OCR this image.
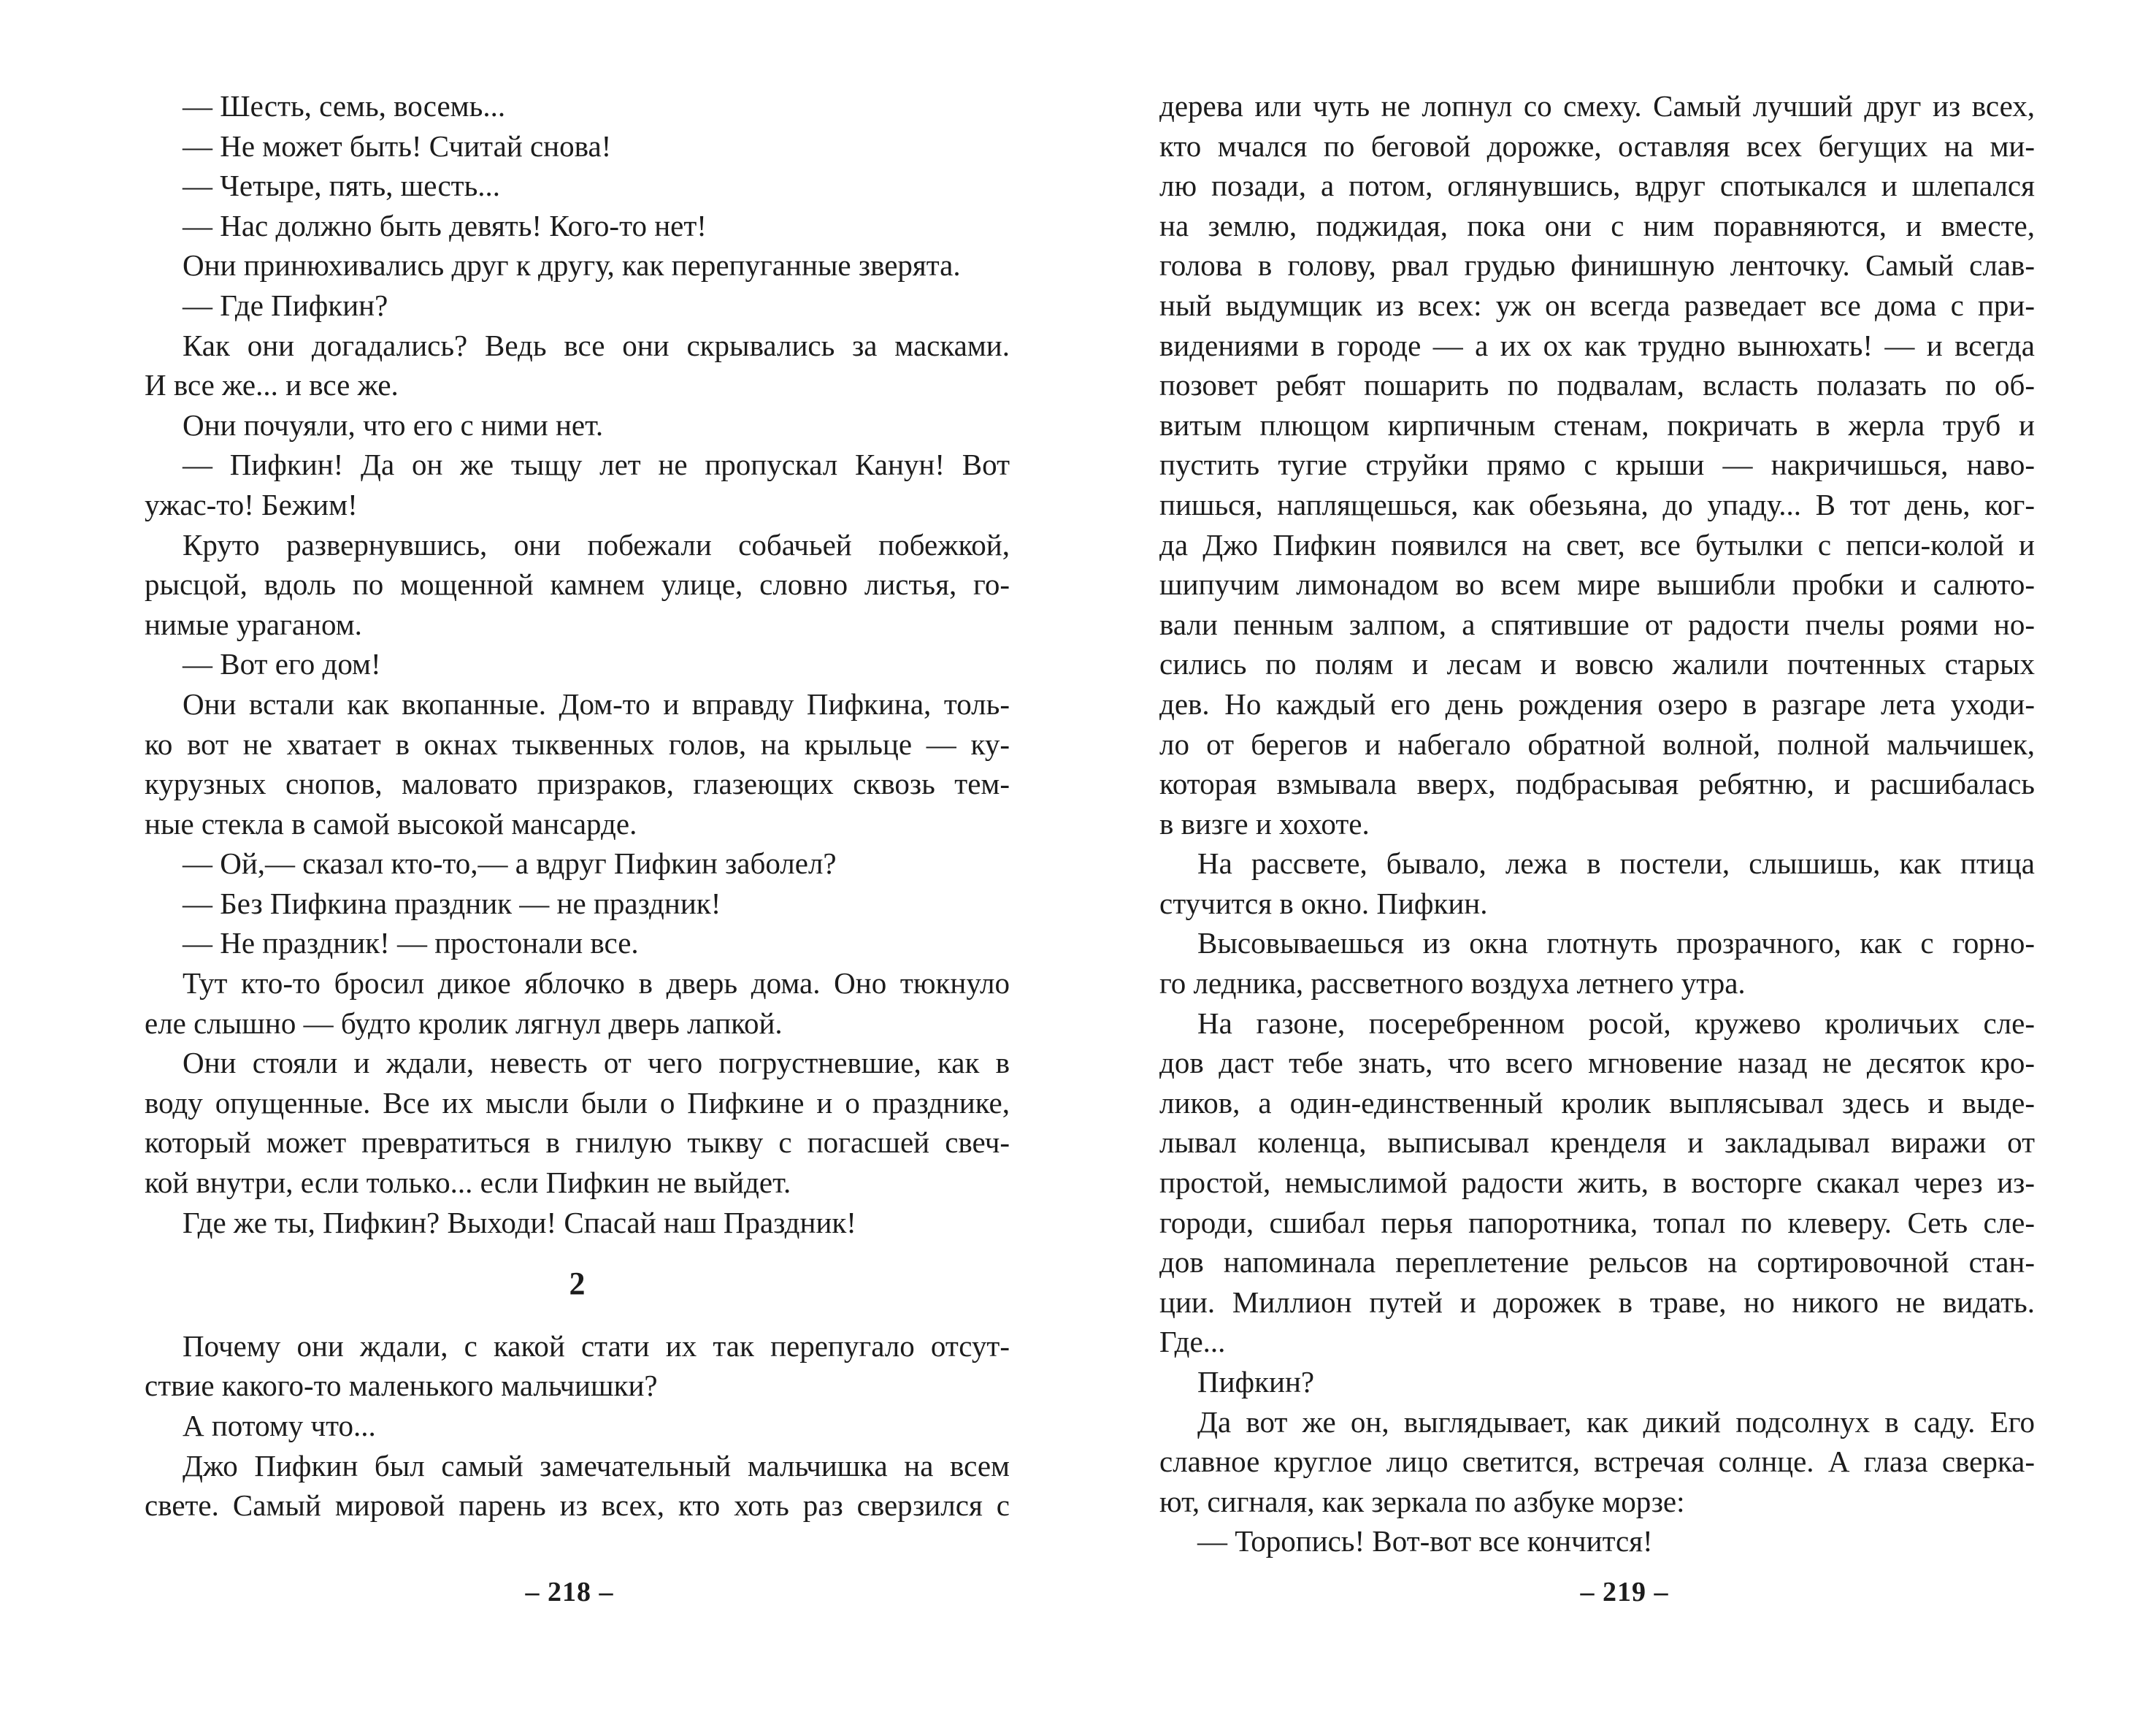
— Шесть, семь, восемь...
— Не может быть! Считай снова!
— Четыре, пять, шесть...
— Нас должно быть девять! Кого-то нет!
Они принюхивались друг к другу, как перепуганные зверята.
— Где Пифкин?
Как они догадались? Ведь все они скрывались за масками.
И все же... и все же.
Они почуяли, что его с ними нет.
— Пифкин! Да он же тыщу лет не пропускал Канун! Вот
ужас-то! Бежим!
Круто развернувшись, они побежали собачьей побежкой,
рысцой, вдоль по мощенной камнем улице, словно листья, го-
нимые ураганом.
— Вот его дом!
Они встали как вкопанные. Дом-то и вправду Пифкина, толь-
ко вот не хватает в окнах тыквенных голов, на крыльце — ку-
курузных снопов, маловато призраков, глазеющих сквозь тем-
ные стекла в самой высокой мансарде.
— Ой,— сказал кто-то,— а вдруг Пифкин заболел?
— Без Пифкина праздник — не праздник!
— Не праздник! — простонали все.
Тут кто-то бросил дикое яблочко в дверь дома. Оно тюкнуло
еле слышно — будто кролик лягнул дверь лапкой.
Они стояли и ждали, невесть от чего погрустневшие, как в
воду опущенные. Все их мысли были о Пифкине и о празднике,
который может превратиться в гнилую тыкву с погасшей свеч-
кой внутри, если только... если Пифкин не выйдет.
Где же ты, Пифкин? Выходи! Спасай наш Праздник!
2
Почему они ждали, с какой стати их так перепугало отсут-
ствие какого-то маленького мальчишки?
А потому что...
Джо Пифкин был самый замечательный мальчишка на всем
свете. Самый мировой парень из всех, кто хоть раз сверзился с
дерева или чуть не лопнул со смеху. Самый лучший друг из всех,
кто мчался по беговой дорожке, оставляя всех бегущих на ми-
лю позади, а потом, оглянувшись, вдруг спотыкался и шлепался
на землю, поджидая, пока они с ним поравняются, и вместе,
голова в голову, рвал грудью финишную ленточку. Самый слав-
ный выдумщик из всех: уж он всегда разведает все дома с при-
видениями в городе — а их ох как трудно вынюхать! — и всегда
позовет ребят пошарить по подвалам, всласть полазать по об-
витым плющом кирпичным стенам, покричать в жерла труб и
пустить тугие струйки прямо с крыши — накричишься, наво-
пишься, наплящешься, как обезьяна, до упаду... В тот день, ког-
да Джо Пифкин появился на свет, все бутылки с пепси-колой и
шипучим лимонадом во всем мире вышибли пробки и салюто-
вали пенным залпом, а спятившие от радости пчелы роями но-
сились по полям и лесам и вовсю жалили почтенных старых
дев. Но каждый его день рождения озеро в разгаре лета уходи-
ло от берегов и набегало обратной волной, полной мальчишек,
которая взмывала вверх, подбрасывая ребятню, и расшибалась
в визге и хохоте.
На рассвете, бывало, лежа в постели, слышишь, как птица
стучится в окно. Пифкин.
Высовываешься из окна глотнуть прозрачного, как с горно-
го ледника, рассветного воздуха летнего утра.
На газоне, посеребренном росой, кружево кроличьих сле-
дов даст тебе знать, что всего мгновение назад не десяток кро-
ликов, а один-единственный кролик выплясывал здесь и выде-
лывал коленца, выписывал кренделя и закладывал виражи от
простой, немыслимой радости жить, в восторге скакал через из-
городи, сшибал перья папоротника, топал по клеверу. Сеть сле-
дов напоминала переплетение рельсов на сортировочной стан-
ции. Миллион путей и дорожек в траве, но никого не видать.
Где...
Пифкин?
Да вот же он, выглядывает, как дикий подсолнух в саду. Его
славное круглое лицо светится, встречая солнце. А глаза сверка-
ют, сигналя, как зеркала по азбуке морзе:
— Торопись! Вот-вот все кончится!
– 218 –	– 219 –
